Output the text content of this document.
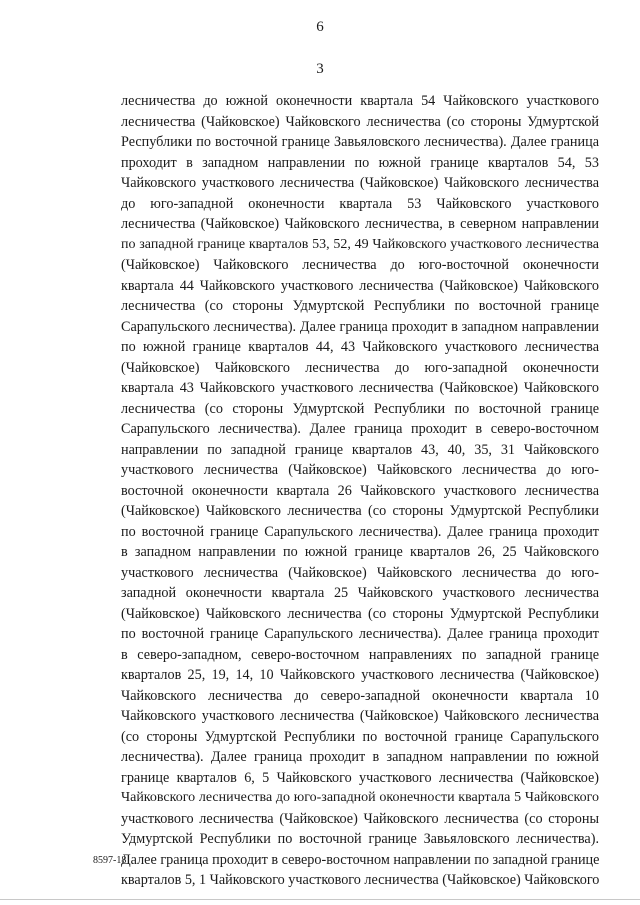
6
3
лесничества до южной оконечности квартала 54 Чайковского участкового
лесничества (Чайковское) Чайковского лесничества (со стороны Удмуртской
Республики по восточной границе Завьяловского лесничества). Далее граница
проходит в западном направлении по южной границе кварталов 54, 53
Чайковского участкового лесничества (Чайковское) Чайковского лесничества
до юго-западной оконечности квартала 53 Чайковского участкового
лесничества (Чайковское) Чайковского лесничества, в северном направлении
по западной границе кварталов 53, 52, 49 Чайковского участкового лесничества
(Чайковское) Чайковского лесничества до юго-восточной оконечности
квартала 44 Чайковского участкового лесничества (Чайковское) Чайковского
лесничества (со стороны Удмуртской Республики по восточной границе
Сарапульского лесничества). Далее граница проходит в западном направлении
по южной границе кварталов 44, 43 Чайковского участкового лесничества
(Чайковское) Чайковского лесничества до юго-западной оконечности
квартала 43 Чайковского участкового лесничества (Чайковское) Чайковского
лесничества (со стороны Удмуртской Республики по восточной границе
Сарапульского лесничества). Далее граница проходит в северо-восточном
направлении по западной границе кварталов 43, 40, 35, 31 Чайковского
участкового лесничества (Чайковское) Чайковского лесничества до юго-
восточной оконечности квартала 26 Чайковского участкового лесничества
(Чайковское) Чайковского лесничества (со стороны Удмуртской Республики
по восточной границе Сарапульского лесничества). Далее граница проходит
в западном направлении по южной границе кварталов 26, 25 Чайковского
участкового лесничества (Чайковское) Чайковского лесничества до юго-
западной оконечности квартала 25 Чайковского участкового лесничества
(Чайковское) Чайковского лесничества (со стороны Удмуртской Республики
по восточной границе Сарапульского лесничества). Далее граница проходит
в северо-западном, северо-восточном направлениях по западной границе
кварталов 25, 19, 14, 10 Чайковского участкового лесничества (Чайковское)
Чайковского лесничества до северо-западной оконечности квартала 10
Чайковского участкового лесничества (Чайковское) Чайковского лесничества
(со стороны Удмуртской Республики по восточной границе Сарапульского
лесничества). Далее граница проходит в западном направлении по южной
границе кварталов 6, 5 Чайковского участкового лесничества (Чайковское)
Чайковского лесничества до юго-западной оконечности квартала 5 Чайковского
участкового лесничества (Чайковское) Чайковского лесничества (со стороны
Удмуртской Республики по восточной границе Завьяловского лесничества).
Далее граница проходит в северо-восточном направлении по западной границе
кварталов 5, 1 Чайковского участкового лесничества (Чайковское) Чайковского
8597-18
